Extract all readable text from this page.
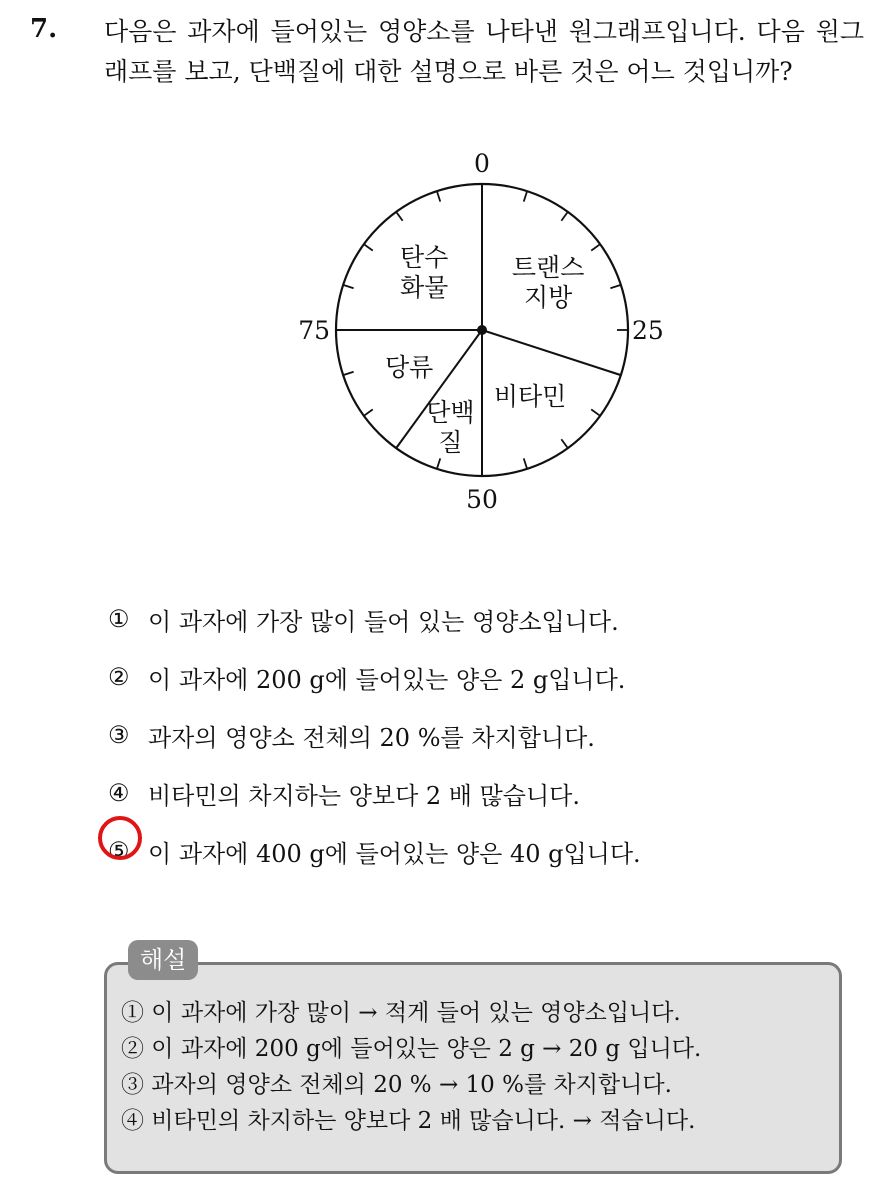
7. 다음은 과자에 들어있는 영양소를 나타낸 원그래프입니다. 다음 원그래프를 보고, 단백질에 대한 설명으로 바른 것은 어느 것입니까?

트랜스
지방
비타민
단백
질
당류
탄수
화물
0
25
50
75
① 이 과자에 가장 많이 들어 있는 영양소입니다.
② 이 과자에 200 g에 들어있는 양은 2 g입니다.
③ 과자의 영양소 전체의 20 %를 차지합니다.
④ 비타민의 차지하는 양보다 2 배 많습니다.
⑤ 이 과자에 400 g에 들어있는 양은 40 g입니다.
해설
① 이 과자에 가장 많이 → 적게 들어 있는 영양소입니다.
② 이 과자에 200 g에 들어있는 양은 2 g → 20 g 입니다.
③ 과자의 영양소 전체의 20 % → 10 %를 차지합니다.
④ 비타민의 차지하는 양보다 2 배 많습니다. → 적습니다.
